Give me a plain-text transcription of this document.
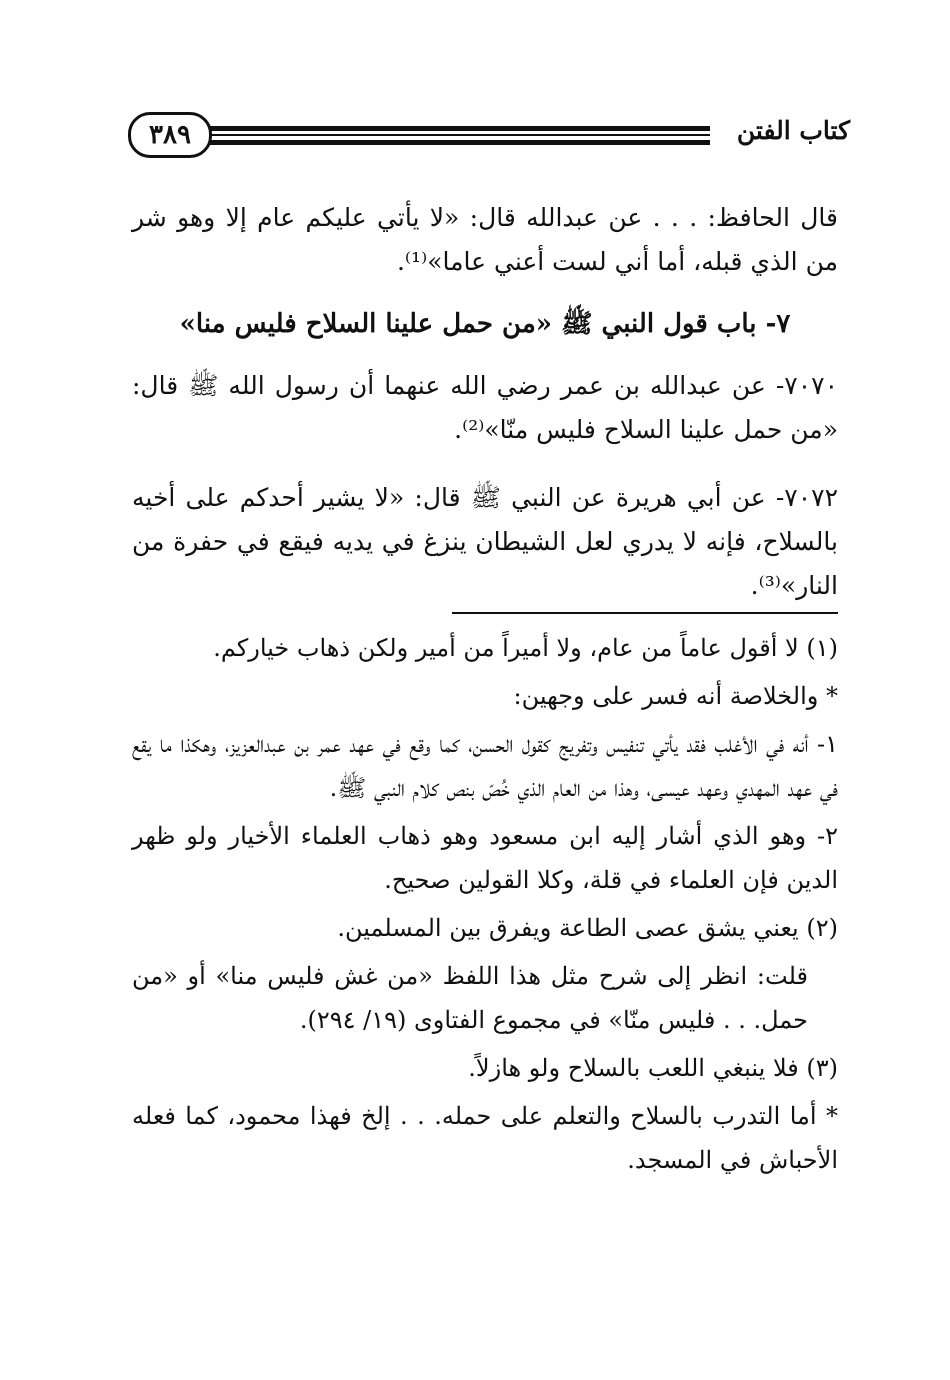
كتاب الفتن
٣٨٩

قال الحافظ: . . . عن عبدالله قال: «لا يأتي عليكم عام إلا وهو شر من الذي قبله، أما أني لست أعني عاما»⁽¹⁾.

٧- باب قول النبي ﷺ «من حمل علينا السلاح فليس منا»

٧٠٧٠- عن عبدالله بن عمر رضي الله عنهما أن رسول الله ﷺ قال: «من حمل علينا السلاح فليس منّا»⁽²⁾.

٧٠٧٢- عن أبي هريرة عن النبي ﷺ قال: «لا يشير أحدكم على أخيه بالسلاح، فإنه لا يدري لعل الشيطان ينزغ في يديه فيقع في حفرة من النار»⁽³⁾.

(١) لا أقول عاماً من عام، ولا أميراً من أمير ولكن ذهاب خياركم.

* والخلاصة أنه فسر على وجهين:

١- أنه في الأغلب فقد يأتي تنفيس وتفريج كقول الحسن، كما وقع في عهد عمر بن عبدالعزيز، وهكذا ما يقع في عهد المهدي وعهد عيسى، وهذا من العام الذي خُصّ بنص كلام النبي ﷺ.

٢- وهو الذي أشار إليه ابن مسعود وهو ذهاب العلماء الأخيار ولو ظهر الدين فإن العلماء في قلة، وكلا القولين صحيح.

(٢) يعني يشق عصى الطاعة ويفرق بين المسلمين.

قلت: انظر إلى شرح مثل هذا اللفظ «من غش فليس منا» أو «من حمل. . . فليس منّا» في مجموع الفتاوى (١٩/ ٢٩٤).

(٣) فلا ينبغي اللعب بالسلاح ولو هازلاً.

* أما التدرب بالسلاح والتعلم على حمله. . . إلخ فهذا محمود، كما فعله الأحباش في المسجد.
